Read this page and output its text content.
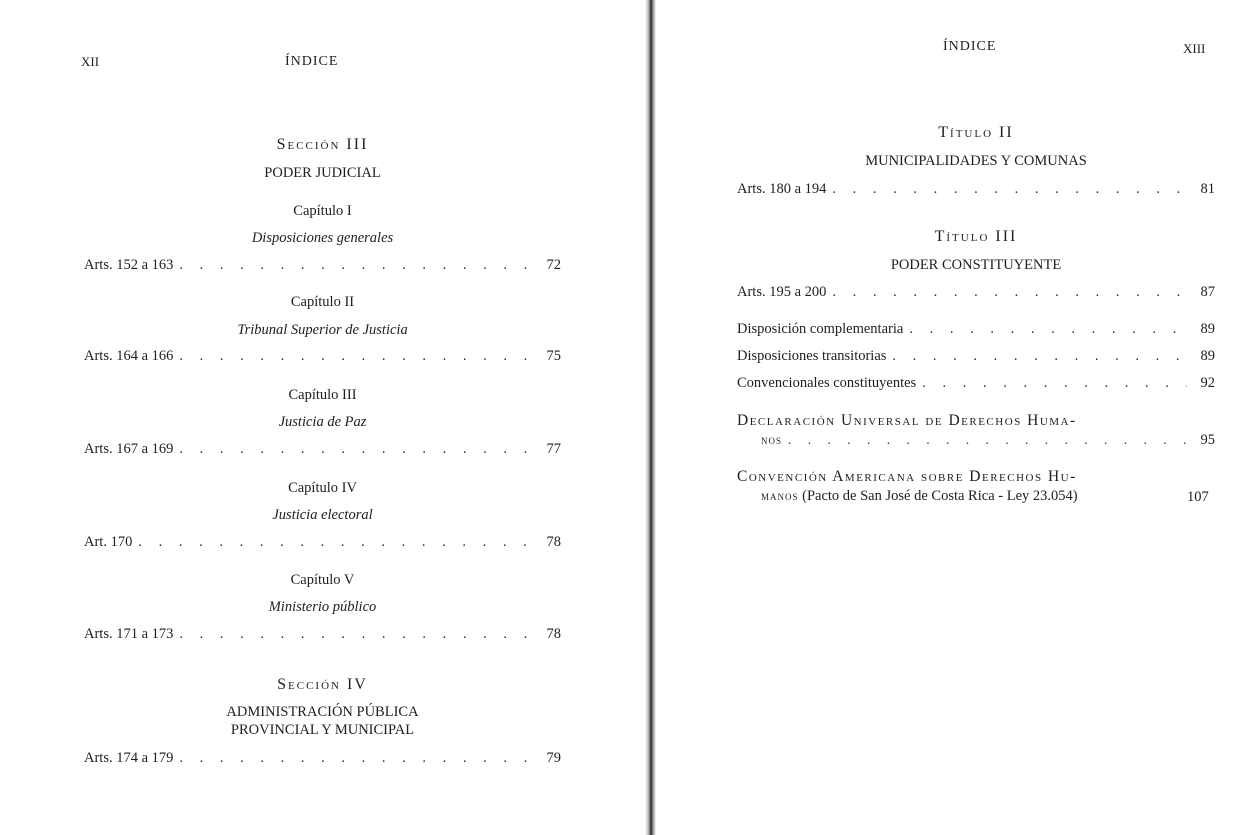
XII	ÍNDICE
Sección III
PODER JUDICIAL
Capítulo I
Disposiciones generales
Arts. 152 a 163 . . .	72
Capítulo II
Tribunal Superior de Justicia
Arts. 164 a 166 . . .	75
Capítulo III
Justicia de Paz
Arts. 167 a 169 . . .	77
Capítulo IV
Justicia electoral
Art. 170 . . .	78
Capítulo V
Ministerio público
Arts. 171 a 173 . . .	78
Sección IV
ADMINISTRACIÓN PÚBLICA
PROVINCIAL Y MUNICIPAL
Arts. 174 a 179 . . .	79
ÍNDICE	XIII
Título II
MUNICIPALIDADES Y COMUNAS
Arts. 180 a 194 . . .	81
Título III
PODER CONSTITUYENTE
Arts. 195 a 200 . . .	87
Disposición complementaria . . .	89
Disposiciones transitorias . . .	89
Convencionales constituyentes . . .	92
Declaración Universal de Derechos Huma-
nos . . .	95
Convención Americana sobre Derechos Hu-
manos (Pacto de San José de Costa Rica - Ley 23.054)	107
